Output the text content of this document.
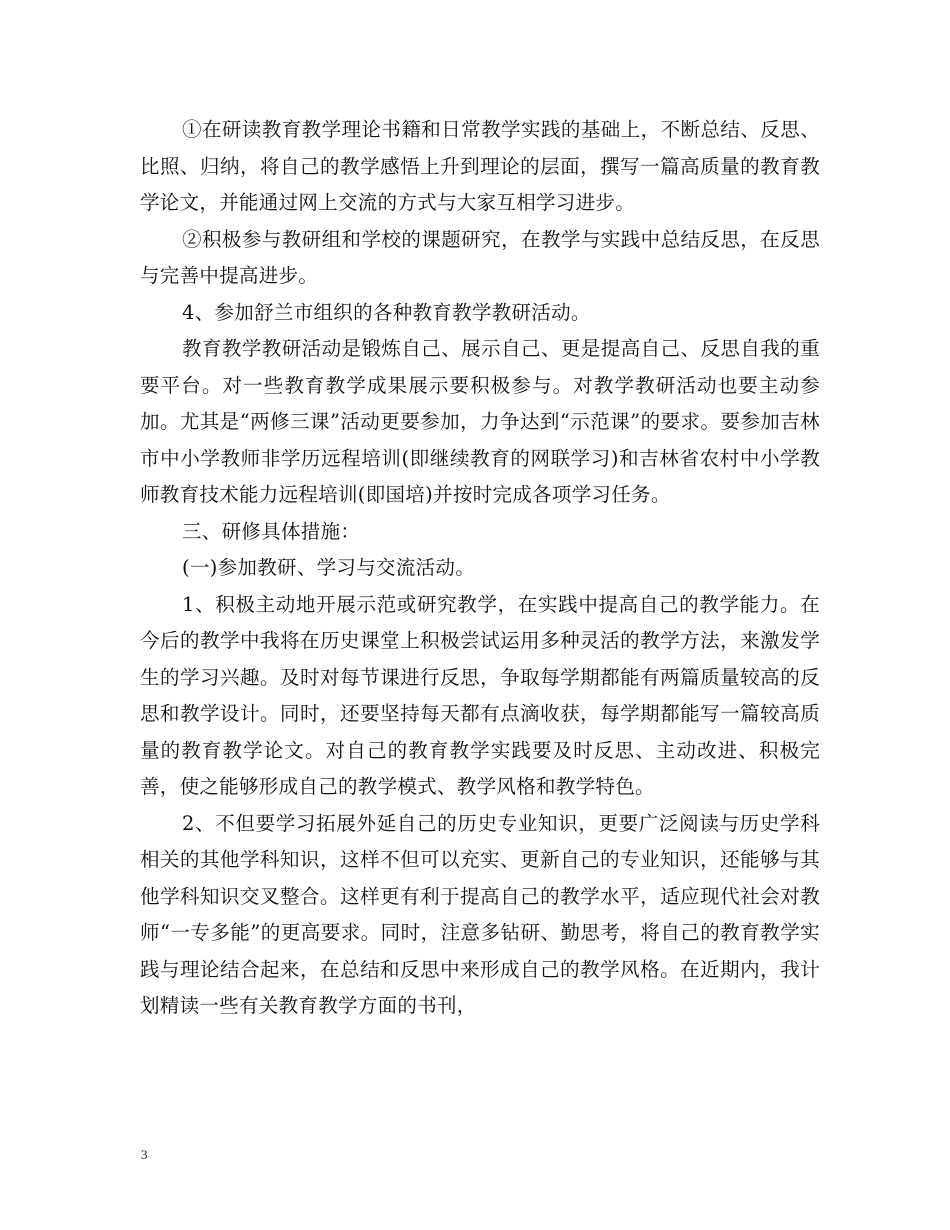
①在研读教育教学理论书籍和日常教学实践的基础上，不断总结、反思、比照、归纳，将自己的教学感悟上升到理论的层面，撰写一篇高质量的教育教学论文，并能通过网上交流的方式与大家互相学习进步。

②积极参与教研组和学校的课题研究，在教学与实践中总结反思，在反思与完善中提高进步。

4、参加舒兰市组织的各种教育教学教研活动。

教育教学教研活动是锻炼自己、展示自己、更是提高自己、反思自我的重要平台。对一些教育教学成果展示要积极参与。对教学教研活动也要主动参加。尤其是“两修三课”活动更要参加，力争达到“示范课”的要求。要参加吉林市中小学教师非学历远程培训(即继续教育的网联学习)和吉林省农村中小学教师教育技术能力远程培训(即国培)并按时完成各项学习任务。

三、研修具体措施：

(一)参加教研、学习与交流活动。

1、积极主动地开展示范或研究教学，在实践中提高自己的教学能力。在今后的教学中我将在历史课堂上积极尝试运用多种灵活的教学方法，来激发学生的学习兴趣。及时对每节课进行反思，争取每学期都能有两篇质量较高的反思和教学设计。同时，还要坚持每天都有点滴收获，每学期都能写一篇较高质量的教育教学论文。对自己的教育教学实践要及时反思、主动改进、积极完善，使之能够形成自己的教学模式、教学风格和教学特色。

2、不但要学习拓展外延自己的历史专业知识，更要广泛阅读与历史学科相关的其他学科知识，这样不但可以充实、更新自己的专业知识，还能够与其他学科知识交叉整合。这样更有利于提高自己的教学水平，适应现代社会对教师“一专多能”的更高要求。同时，注意多钻研、勤思考，将自己的教育教学实践与理论结合起来，在总结和反思中来形成自己的教学风格。在近期内，我计划精读一些有关教育教学方面的书刊，

3
